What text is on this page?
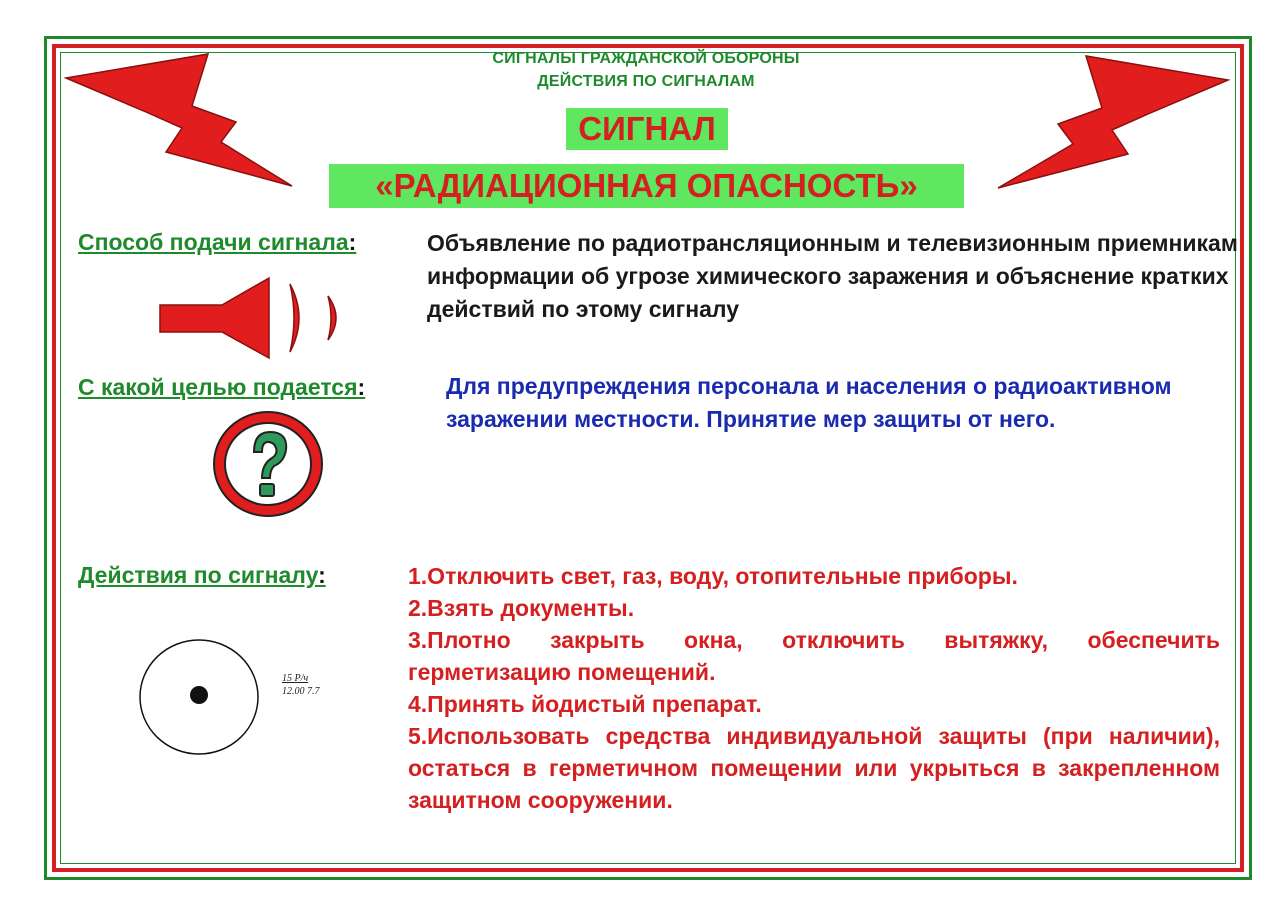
СИГНАЛЫ ГРАЖДАНСКОЙ ОБОРОНЫ
ДЕЙСТВИЯ ПО СИГНАЛАМ
СИГНАЛ
«РАДИАЦИОННАЯ ОПАСНОСТЬ»
Способ подачи сигнала:	Объявление по радиотрансляционным и телевизионным приемникам информации об угрозе химического заражения и объяснение кратких действий по этому сигналу
С какой целью подается:	Для предупреждения персонала и населения о радиоактивном заражении местности. Принятие мер защиты от него.
Действия по сигналу:	1.Отключить свет, газ, воду, отопительные приборы.
2.Взять документы.
3.Плотно закрыть окна, отключить вытяжку, обеспечить герметизацию помещений.
4.Принять йодистый препарат.
5.Использовать средства индивидуальной защиты (при наличии), остаться в герметичном помещении или укрыться в закрепленном защитном сооружении.
15 Р/ч
12.00 7.7
